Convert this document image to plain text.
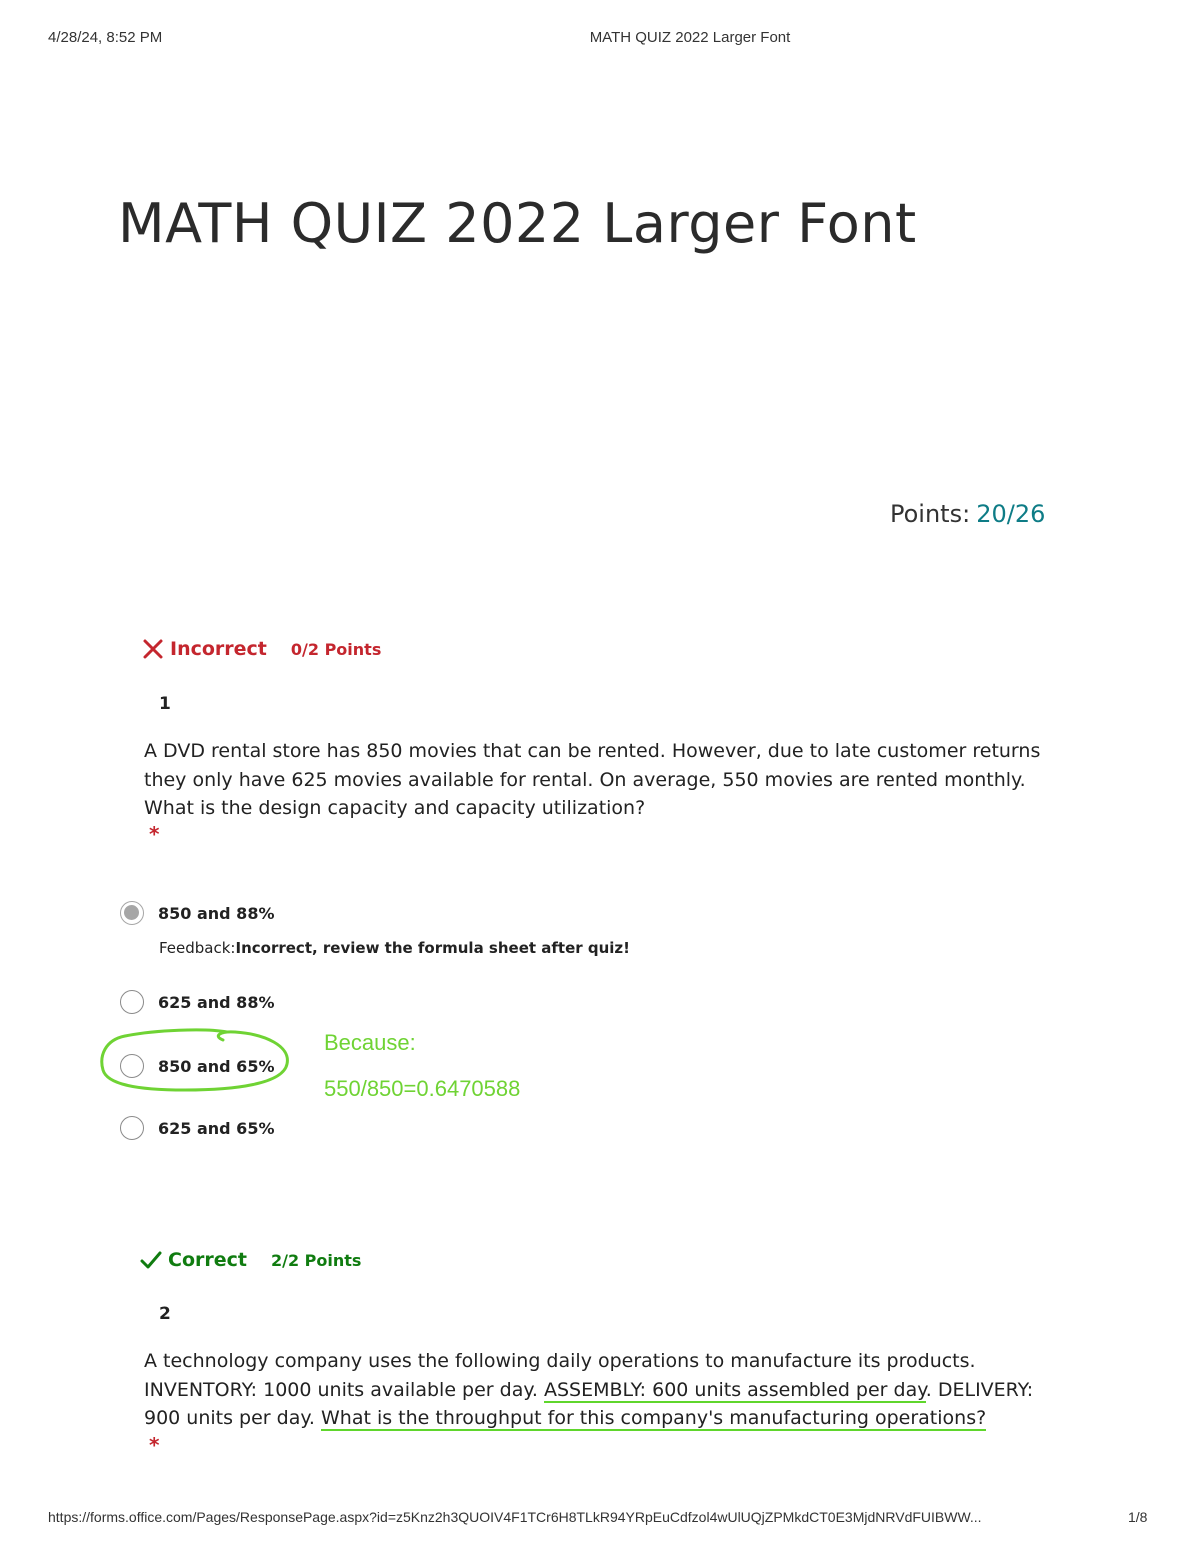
4/28/24, 8:52 PM	MATH QUIZ 2022 Larger Font
MATH QUIZ 2022 Larger Font
Points: 20/26
Incorrect 0/2 Points
1
A DVD rental store has 850 movies that can be rented. However, due to late customer returns they only have 625 movies available for rental. On average, 550 movies are rented monthly. What is the design capacity and capacity utilization?
*
850 and 88%
Feedback:Incorrect, review the formula sheet after quiz!
625 and 88%
850 and 65%
625 and 65%
Because:
550/850=0.6470588
Correct 2/2 Points
2
A technology company uses the following daily operations to manufacture its products. INVENTORY: 1000 units available per day. ASSEMBLY: 600 units assembled per day. DELIVERY: 900 units per day. What is the throughput for this company's manufacturing operations?
*
https://forms.office.com/Pages/ResponsePage.aspx?id=z5Knz2h3QUOIV4F1TCr6H8TLkR94YRpEuCdfzol4wUlUQjZPMkdCT0E3MjdNRVdFUIBWW...	1/8
